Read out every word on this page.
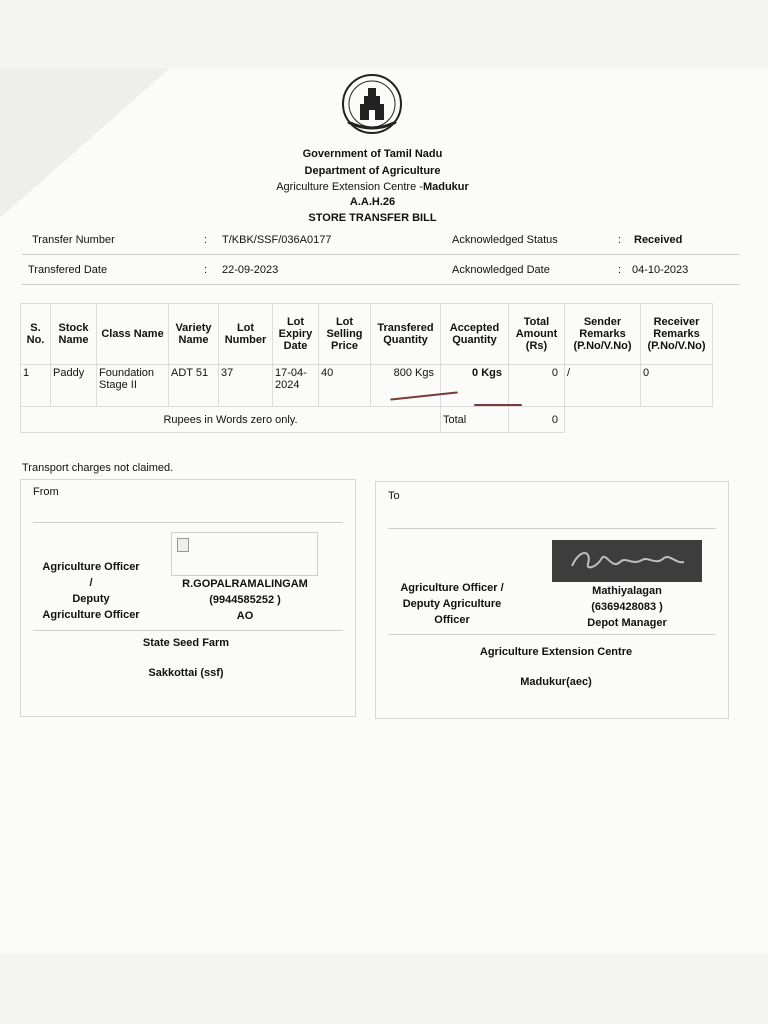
Government of Tamil Nadu
Department of Agriculture
Agriculture Extension Centre -Madukur
A.A.H.26
STORE TRANSFER BILL
Transfer Number	: T/KBK/SSF/036A0177	Acknowledged Status	: Received
Transfered Date	: 22-09-2023	Acknowledged Date	: 04-10-2023
S. No.	Stock Name	Class Name	Variety Name	Lot Number	Lot Expiry Date	Lot Selling Price	Transfered Quantity	Accepted Quantity	Total Amount (Rs)	Sender Remarks (P.No/V.No)	Receiver Remarks (P.No/V.No)
1	Paddy	Foundation Stage II	ADT 51	37	17-04-2024	40	800 Kgs	0 Kgs	0	/	0
Rupees in Words zero only.								Total	0		
Transport charges not claimed.
From
Agriculture Officer
/
Deputy
Agriculture Officer
R.GOPALRAMALINGAM
(9944585252 )
AO
State Seed Farm
Sakkottai (ssf)
To
Agriculture Officer /
Deputy Agriculture
Officer
Mathiyalagan
(6369428083 )
Depot Manager
Agriculture Extension Centre
Madukur(aec)
